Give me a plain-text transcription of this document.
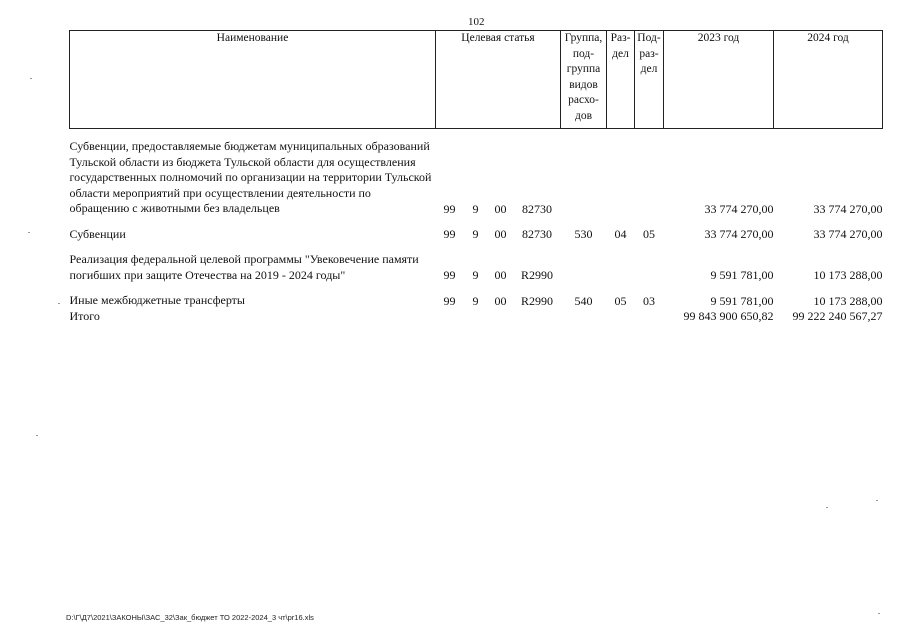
102
Наименование	Целевая статья				Группа, под-группа видов расхо-дов	Раз-дел	Под-раз-дел	2023 год	2024 год

Субвенции, предоставляемые бюджетам муниципальных образований Тульской области из бюджета Тульской области для осуществления государственных полномочий по организации на территории Тульской области мероприятий при осуществлении деятельности по обращению с животными без владельцев	99	9	00	82730				33 774 270,00	33 774 270,00

Субвенции	99	9	00	82730	530	04	05	33 774 270,00	33 774 270,00

Реализация федеральной целевой программы "Увековечение памяти погибших при защите Отечества на 2019 - 2024 годы"	99	9	00	R2990				9 591 781,00	10 173 288,00

Иные межбюджетные трансферты	99	9	00	R2990	540	05	03	9 591 781,00	10 173 288,00
Итого								99 843 900 650,82	99 222 240 567,27
D:\Г\Д7\2021\ЗАКОНЫ\ЗАС_32\Зак_бюджет ТО 2022-2024_3 чт\pr16.xls
